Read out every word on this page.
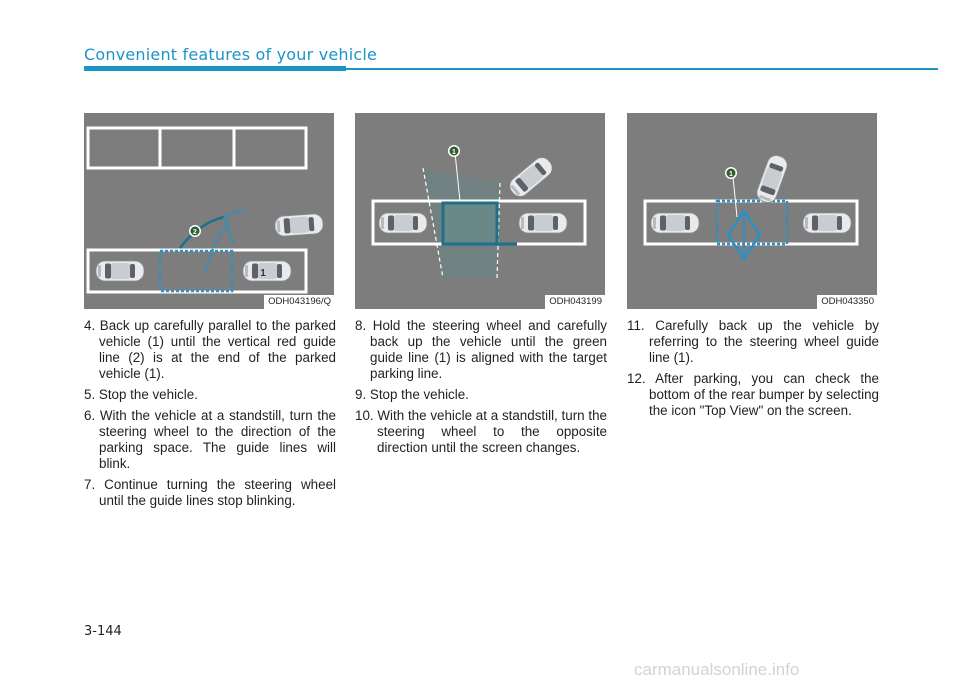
Convenient features of your vehicle
2
1
ODH043196/Q
1
ODH043199
1
ODH043350
4. Back up carefully parallel to the parked vehicle (1) until the vertical red guide line (2) is at the end of the parked vehicle (1).
5. Stop the vehicle.
6. With the vehicle at a standstill, turn the steering wheel to the direction of the parking space. The guide lines will blink.
7. Continue turning the steering wheel until the guide lines stop blinking.
8. Hold the steering wheel and carefully back up the vehicle until the green guide line (1) is aligned with the target parking line.
9. Stop the vehicle.
10. With the vehicle at a standstill, turn the steering wheel to the opposite direction until the screen changes.
11. Carefully back up the vehicle by referring to the steering wheel guide line (1).
12. After parking, you can check the bottom of the rear bumper by selecting the icon "Top View" on the screen.
3-144
carmanualsonline.info
